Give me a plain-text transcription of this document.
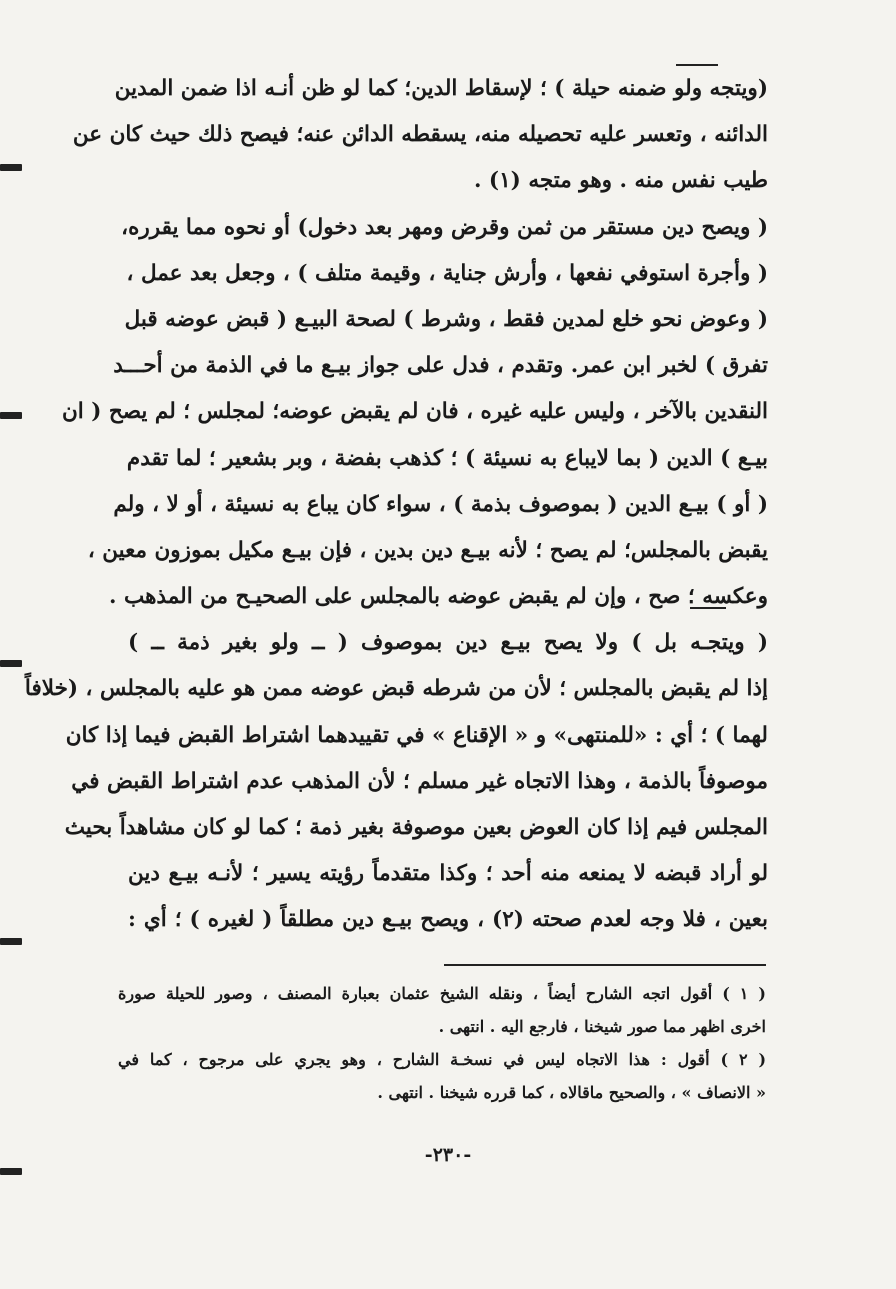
(ويتجه ولو ضمنه حيلة ) ؛ لإسقاط الدين؛ كما لو ظن أنـه اذا ضمن المدين
الدائنه ، وتعسر عليه تحصيله منه، يسقطه الدائن عنه؛ فيصح ذلك حيث كان عن
طيب نفس منه . وهو متجه (١) .
( ويصح دين مستقر من ثمن وقرض ومهر بعد دخول) أو نحوه مما يقرره،
( وأجرة استوفي نفعها ، وأرش جناية ، وقيمة متلف ) ، وجعل بعد عمل ،
( وعوض نحو خلع لمدين فقط ، وشرط ) لصحة البيـع ( قبض عوضه قبل
تفرق ) لخبر ابن عمر. وتقدم ، فدل على جواز بيـع ما في الذمة من أحـــد
النقدين بالآخر ، وليس عليه غيره ، فان لم يقبض عوضه؛ لمجلس ؛ لم يصح ( ان
بيـع ) الدين ( بما لايباع به نسيئة ) ؛ كذهب بفضة ، وبر بشعير ؛ لما تقدم
( أو ) بيـع الدين ( بموصوف بذمة ) ، سواء كان يباع به نسيئة ، أو لا ، ولم
يقبض بالمجلس؛ لم يصح ؛ لأنه بيـع دين بدين ، فإن بيـع مكيل بموزون معين ،
وعكسه ؛ صح ، وإن لم يقبض عوضه بالمجلس على الصحيـح من المذهب .
( ويتجـه بل ) ولا يصح بيـع دين بموصوف ( ــ ولو بغير ذمة ــ )
إذا لم يقبض بالمجلس ؛ لأن من شرطه قبض عوضه ممن هو عليه بالمجلس ، (خلافاً
لهما ) ؛ أي : «للمنتهى» و « الإقناع » في تقييدهما اشتراط القبض فيما إذا كان
موصوفاً بالذمة ، وهذا الاتجاه غير مسلم ؛ لأن المذهب عدم اشتراط القبض في
المجلس فيم إذا كان العوض بعين موصوفة بغير ذمة ؛ كما لو كان مشاهداً بحيث
لو أراد قبضه لا يمنعه منه أحد ؛ وكذا متقدماً رؤيته يسير ؛ لأنـه بيـع دين
بعين ، فلا وجه لعدم صحته (٢) ، ويصح بيـع دين مطلقاً ( لغيره ) ؛ أي :
( ١ ) أقول اتجه الشارح أيضاً ، ونقله الشيخ عثمان بعبارة المصنف ، وصور للحيلة صورة
اخرى اظهر مما صور شيخنا ، فارجع اليه . انتهى .
( ٢ ) أقول : هذا الاتجاه ليس في نسخـة الشارح ، وهو يجري على مرجوح ، كما في
« الانصاف » ، والصحيح ماقالاه ، كما قرره شيخنا . انتهى .
-٢٣٠-
